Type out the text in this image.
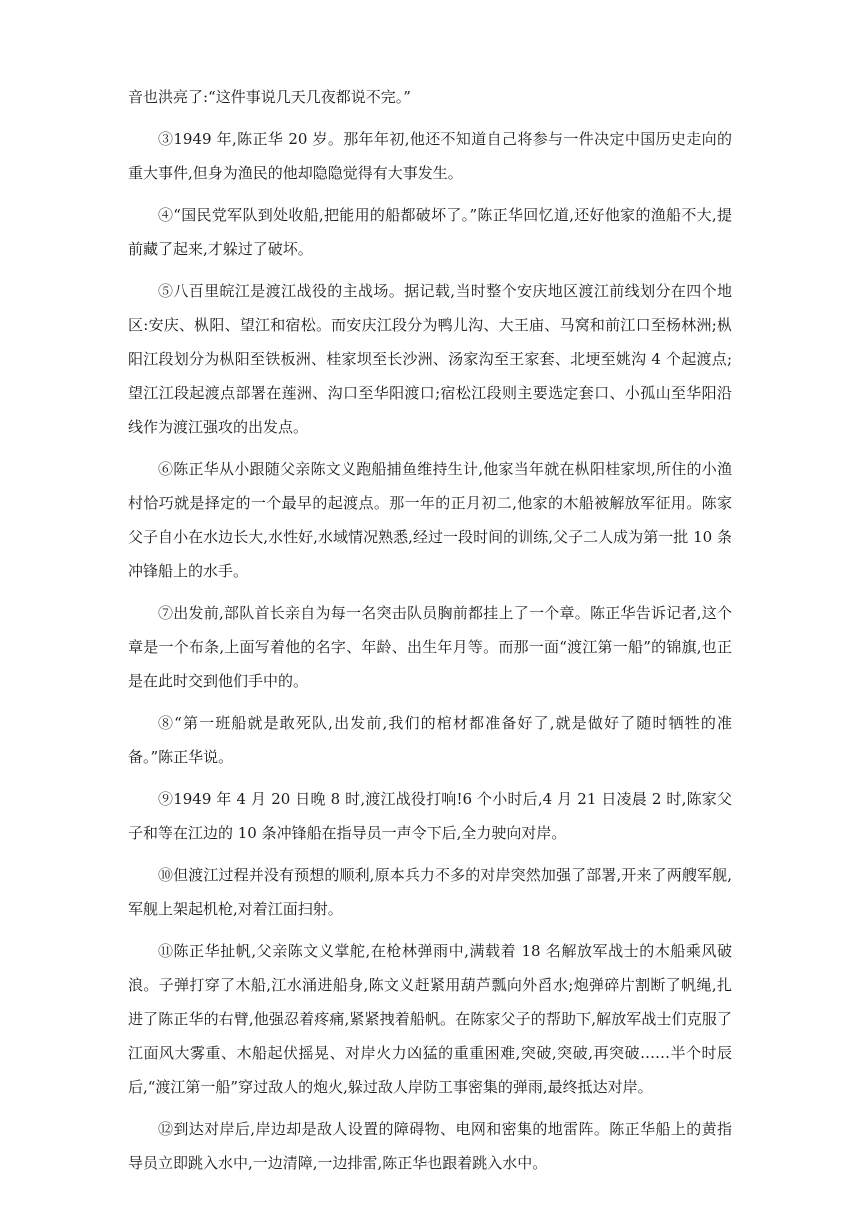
音也洪亮了:“这件事说几天几夜都说不完。”

③1949 年,陈正华 20 岁。那年年初,他还不知道自己将参与一件决定中国历史走向的重大事件,但身为渔民的他却隐隐觉得有大事发生。

④“国民党军队到处收船,把能用的船都破坏了。”陈正华回忆道,还好他家的渔船不大,提前藏了起来,才躲过了破坏。

⑤八百里皖江是渡江战役的主战场。据记载,当时整个安庆地区渡江前线划分在四个地区:安庆、枞阳、望江和宿松。而安庆江段分为鸭儿沟、大王庙、马窝和前江口至杨林洲;枞阳江段划分为枞阳至铁板洲、桂家坝至长沙洲、汤家沟至王家套、北埂至姚沟 4 个起渡点;望江江段起渡点部署在莲洲、沟口至华阳渡口;宿松江段则主要选定套口、小孤山至华阳沿线作为渡江强攻的出发点。

⑥陈正华从小跟随父亲陈文义跑船捕鱼维持生计,他家当年就在枞阳桂家坝,所住的小渔村恰巧就是择定的一个最早的起渡点。那一年的正月初二,他家的木船被解放军征用。陈家父子自小在水边长大,水性好,水域情况熟悉,经过一段时间的训练,父子二人成为第一批 10 条冲锋船上的水手。

⑦出发前,部队首长亲自为每一名突击队员胸前都挂上了一个章。陈正华告诉记者,这个章是一个布条,上面写着他的名字、年龄、出生年月等。而那一面“渡江第一船”的锦旗,也正是在此时交到他们手中的。

⑧“第一班船就是敢死队,出发前,我们的棺材都准备好了,就是做好了随时牺牲的准备。”陈正华说。

⑨1949 年 4 月 20 日晚 8 时,渡江战役打响!6 个小时后,4 月 21 日凌晨 2 时,陈家父子和等在江边的 10 条冲锋船在指导员一声令下后,全力驶向对岸。

⑩但渡江过程并没有预想的顺利,原本兵力不多的对岸突然加强了部署,开来了两艘军舰,军舰上架起机枪,对着江面扫射。

⑪陈正华扯帆,父亲陈文义掌舵,在枪林弹雨中,满载着 18 名解放军战士的木船乘风破浪。子弹打穿了木船,江水涌进船身,陈文义赶紧用葫芦瓢向外舀水;炮弹碎片割断了帆绳,扎进了陈正华的右臂,他强忍着疼痛,紧紧拽着船帆。在陈家父子的帮助下,解放军战士们克服了江面风大雾重、木船起伏摇晃、对岸火力凶猛的重重困难,突破,突破,再突破……半个时辰后,“渡江第一船”穿过敌人的炮火,躲过敌人岸防工事密集的弹雨,最终抵达对岸。

⑫到达对岸后,岸边却是敌人设置的障碍物、电网和密集的地雷阵。陈正华船上的黄指导员立即跳入水中,一边清障,一边排雷,陈正华也跟着跳入水中。
